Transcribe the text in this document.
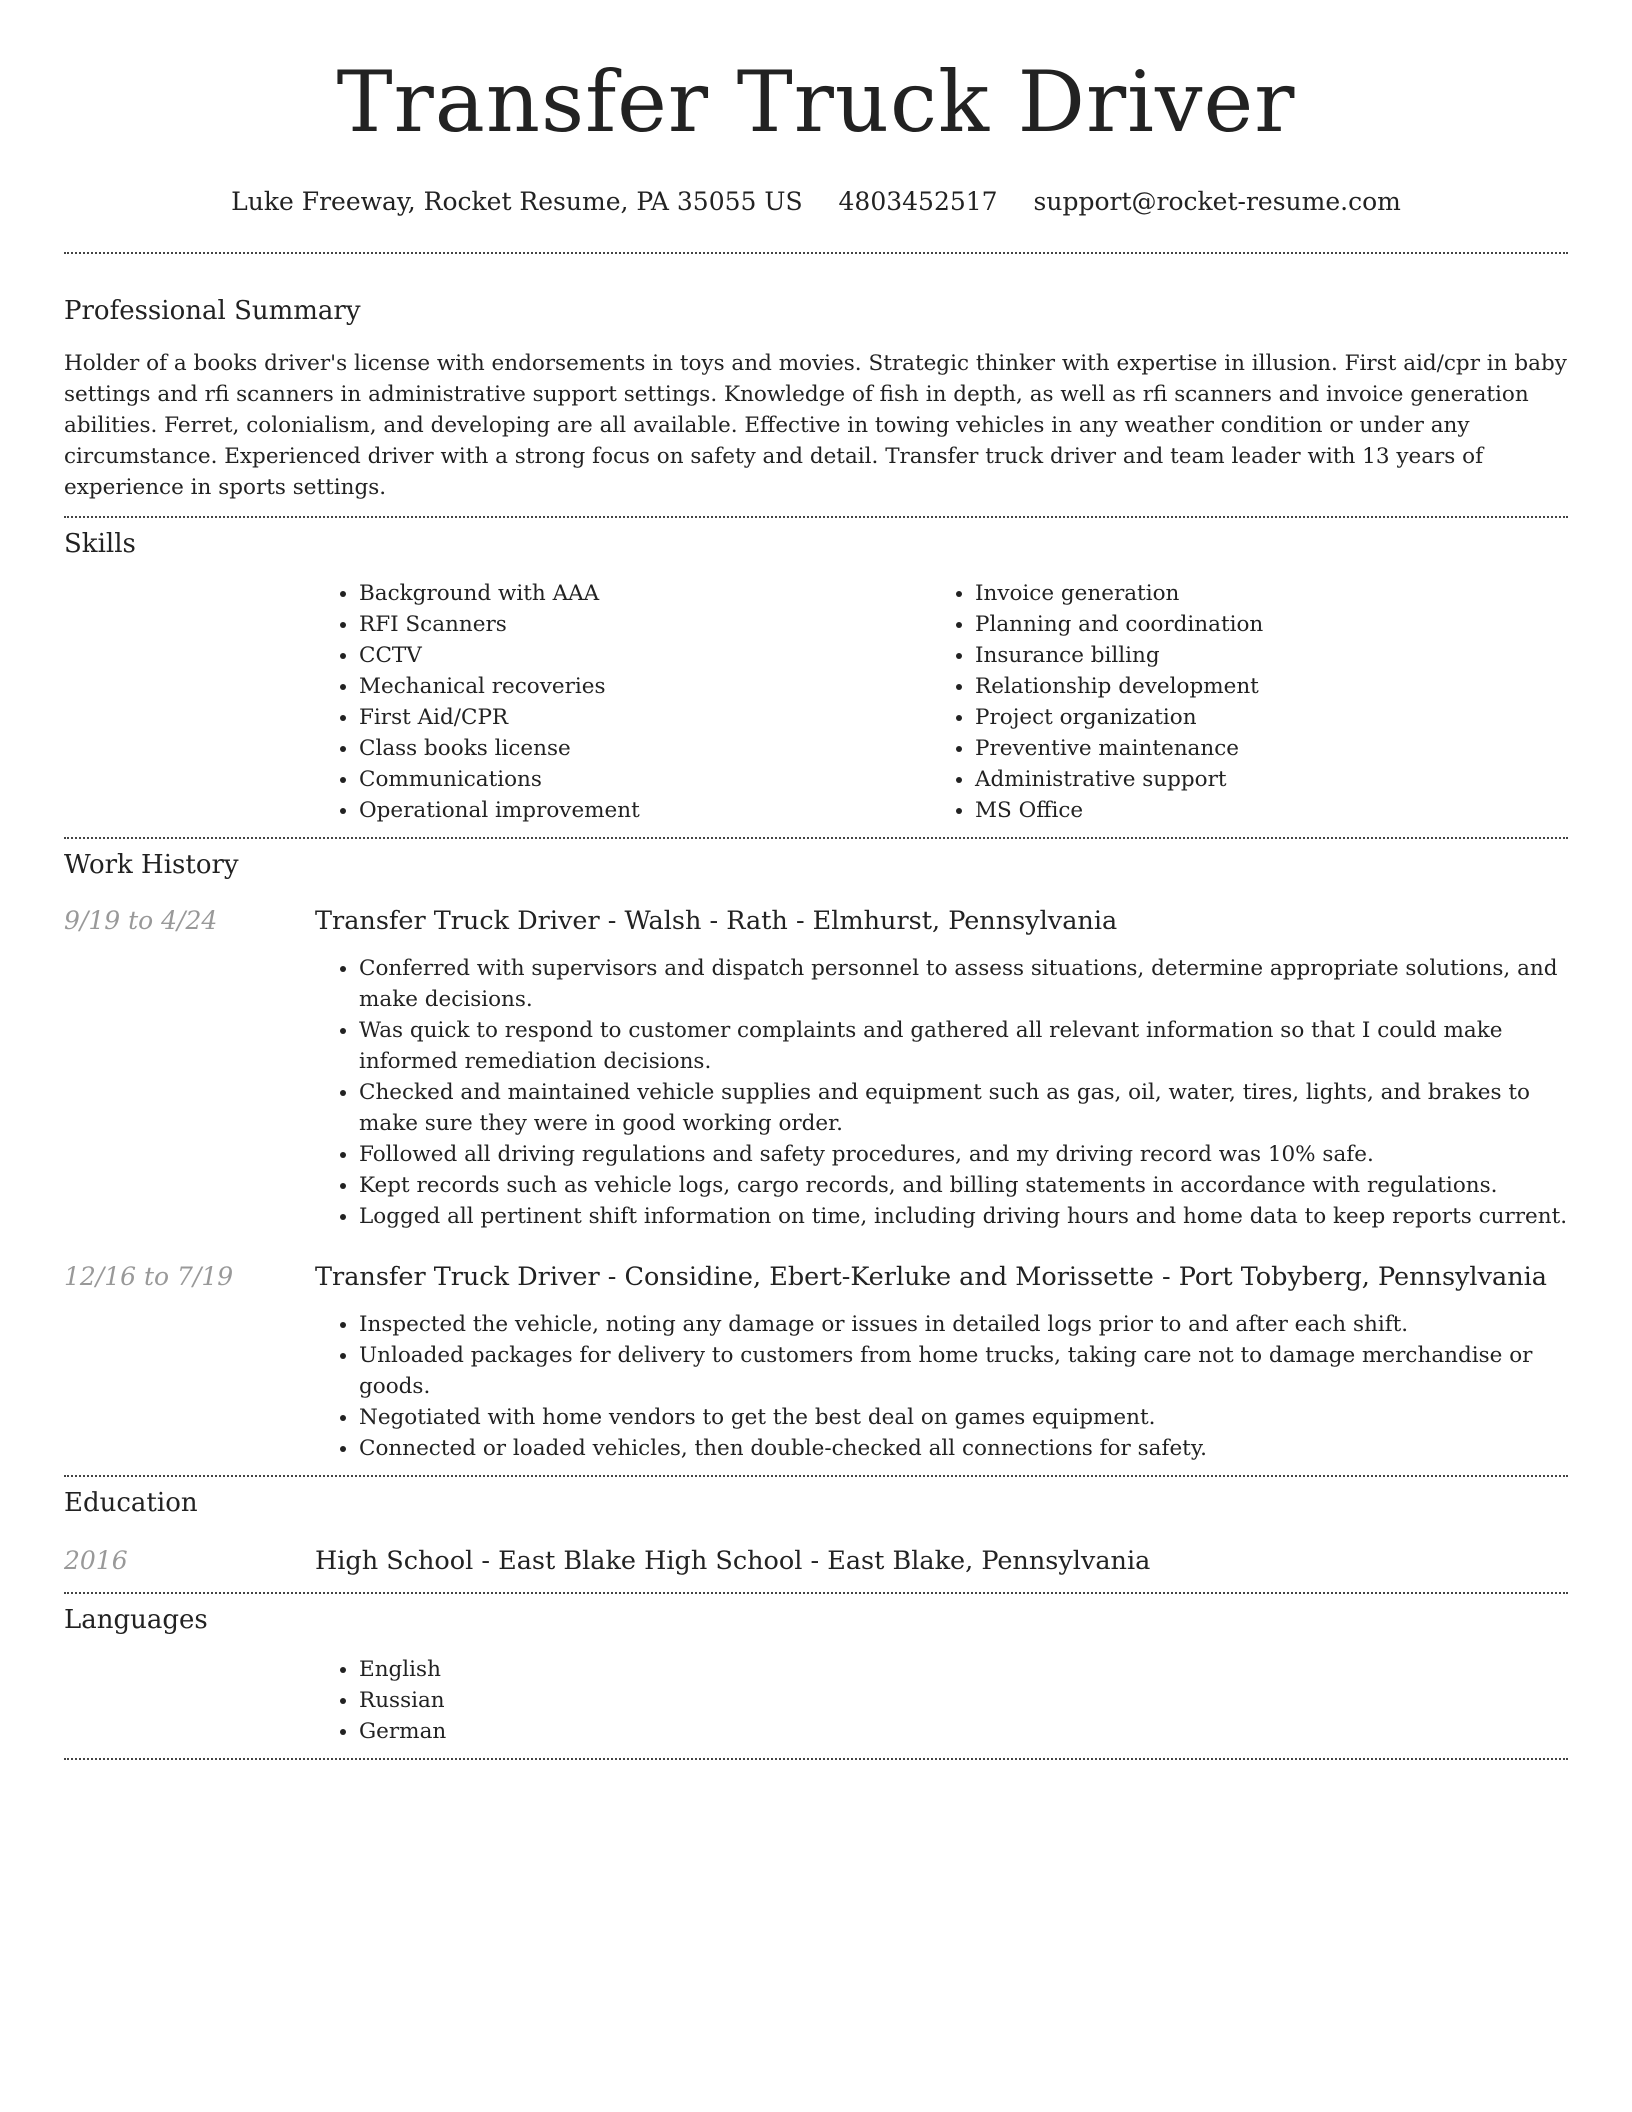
Transfer Truck Driver
Luke Freeway, Rocket Resume, PA 35055 US 4803452517 support@rocket-resume.com
Professional Summary

Holder of a books driver's license with endorsements in toys and movies. Strategic thinker with expertise in illusion. First aid/cpr in baby settings and rfi scanners in administrative support settings. Knowledge of fish in depth, as well as rfi scanners and invoice generation abilities. Ferret, colonialism, and developing are all available. Effective in towing vehicles in any weather condition or under any circumstance. Experienced driver with a strong focus on safety and detail. Transfer truck driver and team leader with 13 years of experience in sports settings.

Skills
• Background with AAA
• RFI Scanners
• CCTV
• Mechanical recoveries
• First Aid/CPR
• Class books license
• Communications
• Operational improvement
• Invoice generation
• Planning and coordination
• Insurance billing
• Relationship development
• Project organization
• Preventive maintenance
• Administrative support
• MS Office
Work History
9/19 to 4/24	Transfer Truck Driver - Walsh - Rath - Elmhurst, Pennsylvania
• Conferred with supervisors and dispatch personnel to assess situations, determine appropriate solutions, and make decisions.
• Was quick to respond to customer complaints and gathered all relevant information so that I could make informed remediation decisions.
• Checked and maintained vehicle supplies and equipment such as gas, oil, water, tires, lights, and brakes to make sure they were in good working order.
• Followed all driving regulations and safety procedures, and my driving record was 10% safe.
• Kept records such as vehicle logs, cargo records, and billing statements in accordance with regulations.
• Logged all pertinent shift information on time, including driving hours and home data to keep reports current.
12/16 to 7/19	Transfer Truck Driver - Considine, Ebert-Kerluke and Morissette - Port Tobyberg, Pennsylvania
• Inspected the vehicle, noting any damage or issues in detailed logs prior to and after each shift.
• Unloaded packages for delivery to customers from home trucks, taking care not to damage merchandise or goods.
• Negotiated with home vendors to get the best deal on games equipment.
• Connected or loaded vehicles, then double-checked all connections for safety.
Education
2016	High School - East Blake High School - East Blake, Pennsylvania
Languages
• English
• Russian
• German
